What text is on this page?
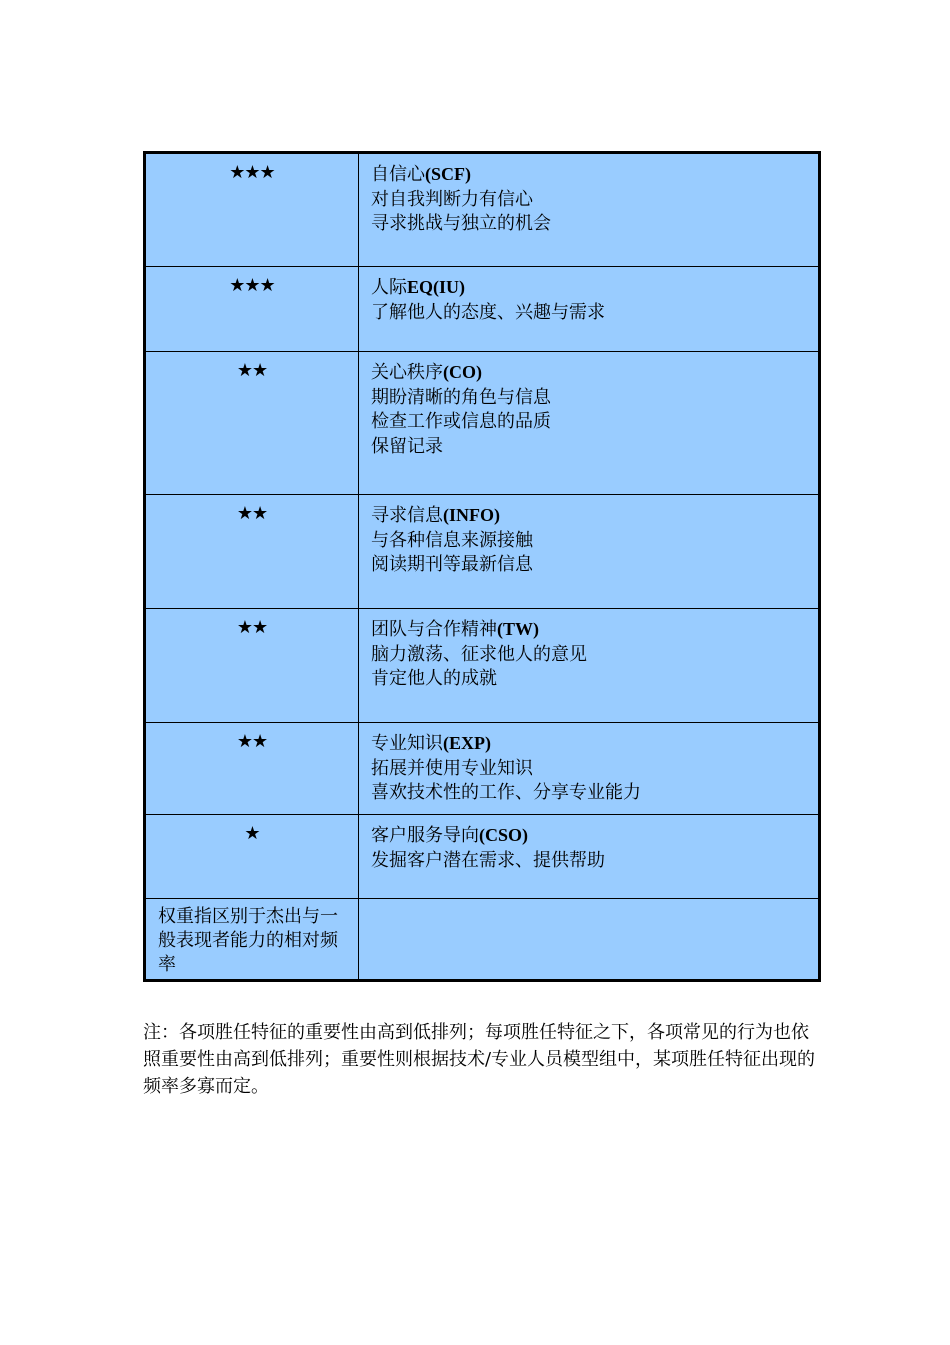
★★★	自信心(SCF)
对自我判断力有信心
寻求挑战与独立的机会

★★★	人际EQ(IU)
了解他人的态度、兴趣与需求

★★	关心秩序(CO)
期盼清晰的角色与信息
检查工作或信息的品质
保留记录

★★	寻求信息(INFO)
与各种信息来源接触
阅读期刊等最新信息

★★	团队与合作精神(TW)
脑力激荡、征求他人的意见
肯定他人的成就

★★	专业知识(EXP)
拓展并使用专业知识
喜欢技术性的工作、分享专业能力

★	客户服务导向(CSO)
发掘客户潜在需求、提供帮助

权重指区别于杰出与一般表现者能力的相对频率	

注：各项胜任特征的重要性由高到低排列；每项胜任特征之下，各项常见的行为也依照重要性由高到低排列；重要性则根据技术/专业人员模型组中，某项胜任特征出现的频率多寡而定。
